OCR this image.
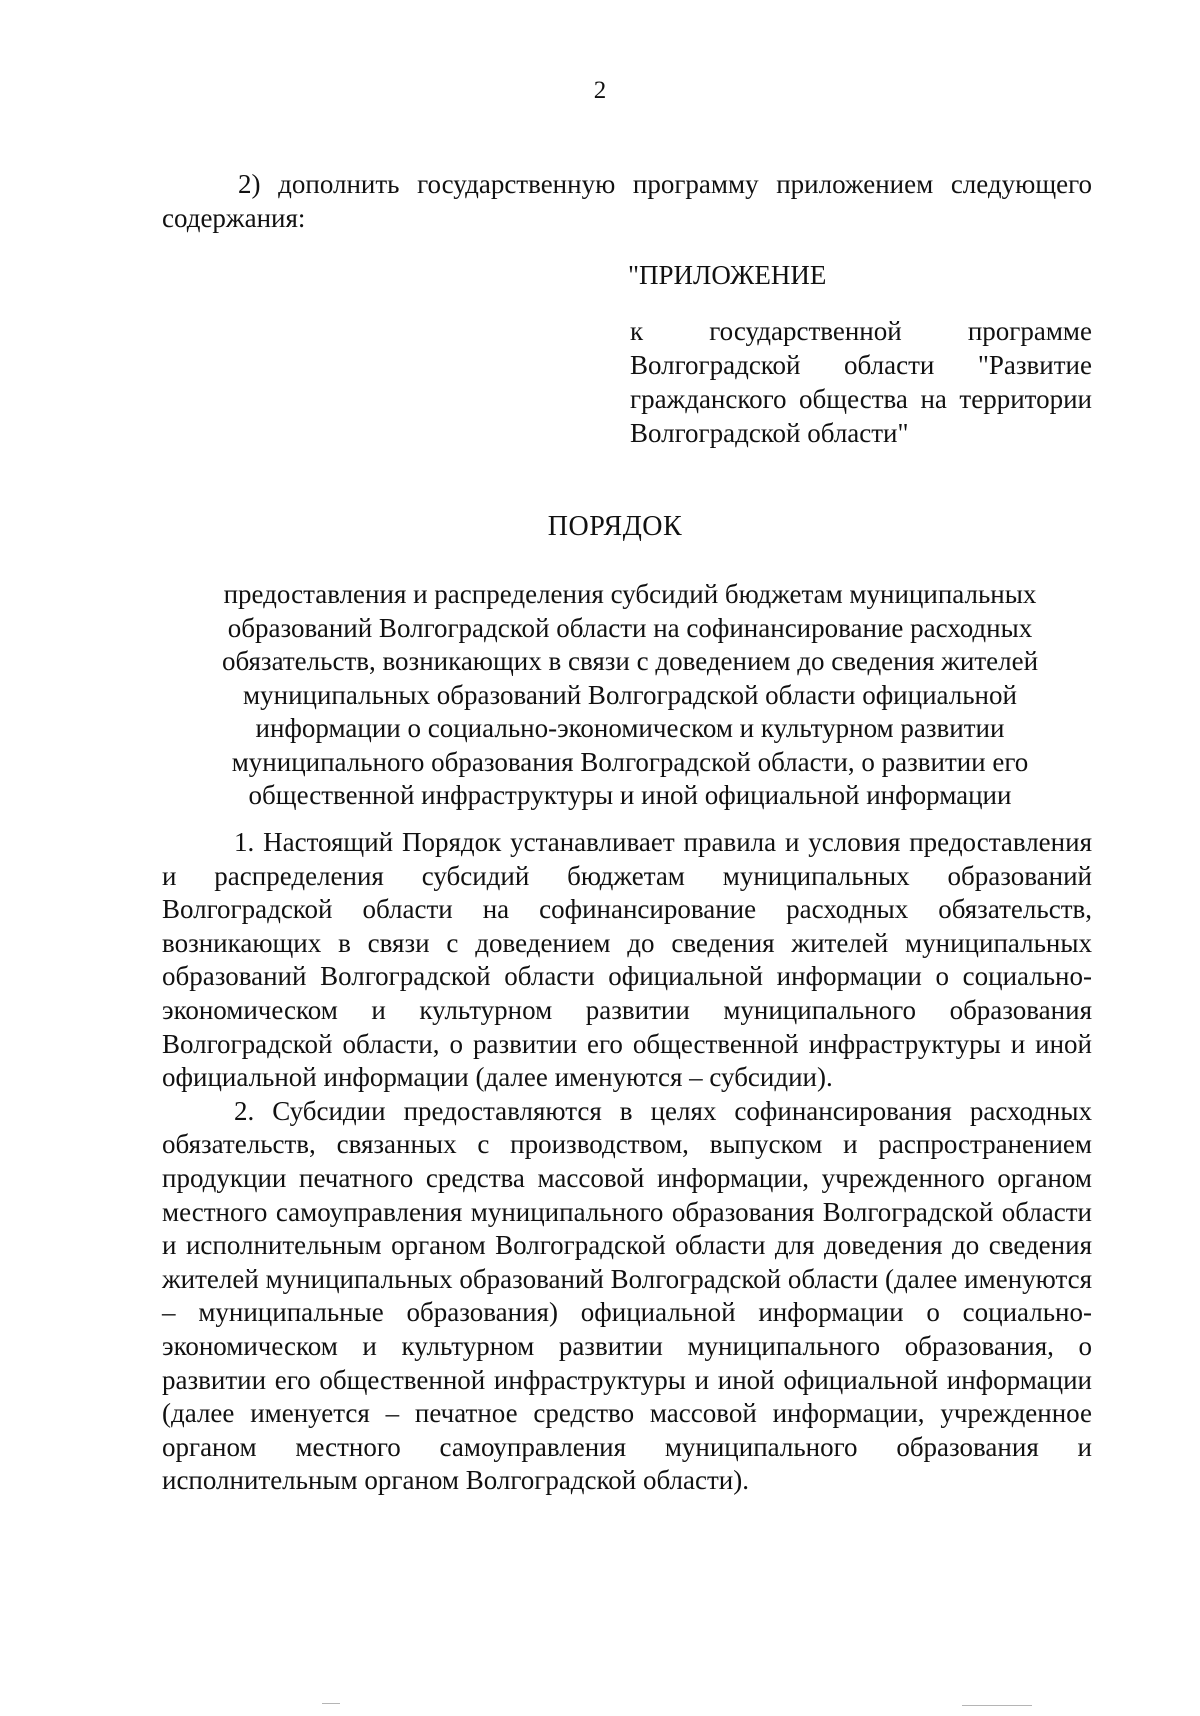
2

2) дополнить государственную программу приложением следующего содержания:

"ПРИЛОЖЕНИЕ
к государственной программе Волгоградской области "Развитие гражданского общества на территории Волгоградской области"
ПОРЯДОК
предоставления и распределения субсидий бюджетам муниципальных
образований Волгоградской области на софинансирование расходных
обязательств, возникающих в связи с доведением до сведения жителей
муниципальных образований Волгоградской области официальной
информации о социально-экономическом и культурном развитии
муниципального образования Волгоградской области, о развитии его
общественной инфраструктуры и иной официальной информации

1. Настоящий Порядок устанавливает правила и условия предоставления и распределения субсидий бюджетам муниципальных образований Волгоградской области на софинансирование расходных обязательств, возникающих в связи с доведением до сведения жителей муниципальных образований Волгоградской области официальной информации о социально-экономическом и культурном развитии муниципального образования Волгоградской области, о развитии его общественной инфраструктуры и иной официальной информации (далее именуются – субсидии).

2. Субсидии предоставляются в целях софинансирования расходных обязательств, связанных с производством, выпуском и распространением продукции печатного средства массовой информации, учрежденного органом местного самоуправления муниципального образования Волгоградской области и исполнительным органом Волгоградской области для доведения до сведения жителей муниципальных образований Волгоградской области (далее именуются – муниципальные образования) официальной информации о социально-экономическом и культурном развитии муниципального образования, о развитии его общественной инфраструктуры и иной официальной информации (далее именуется – печатное средство массовой информации, учрежденное органом местного самоуправления муниципального образования и исполнительным органом Волгоградской области).
